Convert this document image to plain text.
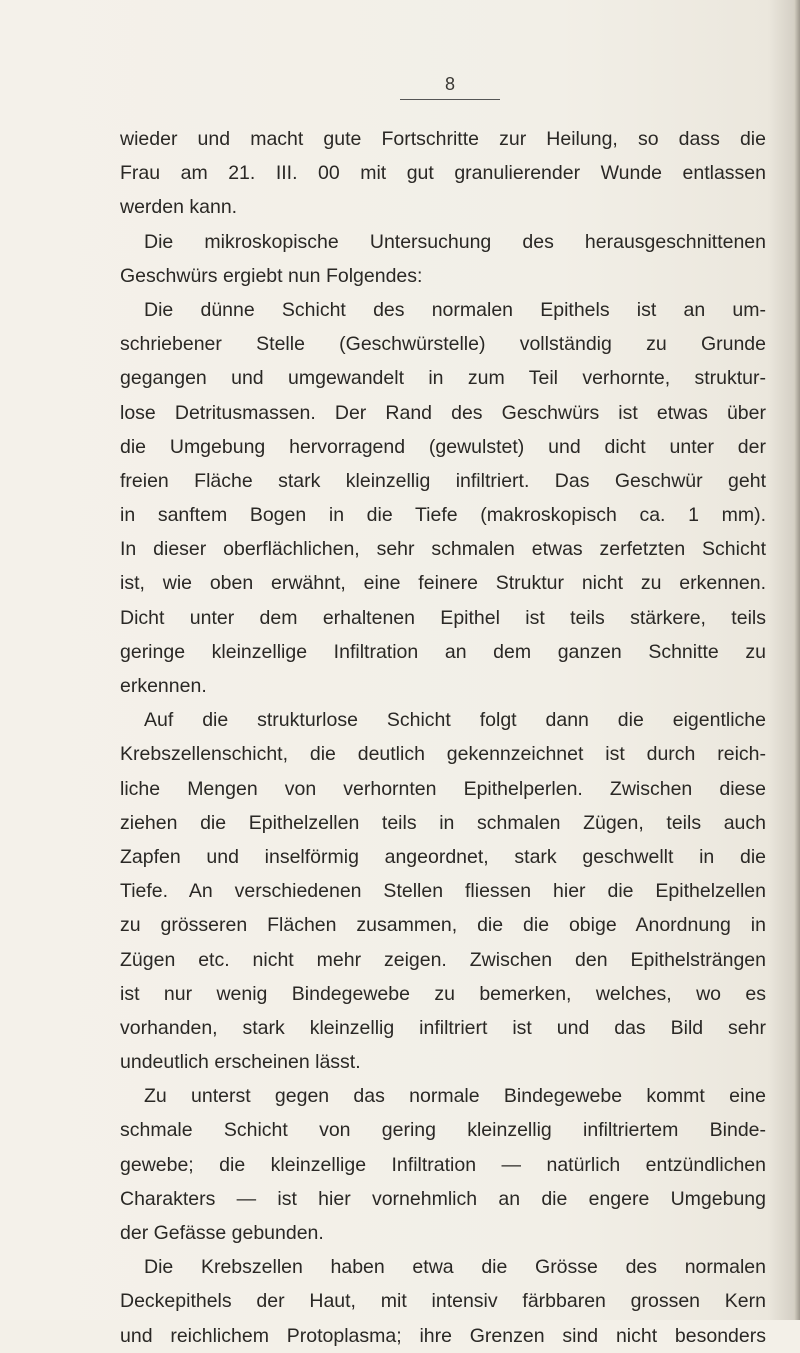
8
wieder und macht gute Fortschritte zur Heilung, so dass die
Frau am 21. III. 00 mit gut granulierender Wunde entlassen
werden kann.
Die mikroskopische Untersuchung des herausgeschnittenen
Geschwürs ergiebt nun Folgendes:
Die dünne Schicht des normalen Epithels ist an um-
schriebener Stelle (Geschwürstelle) vollständig zu Grunde
gegangen und umgewandelt in zum Teil verhornte, struktur-
lose Detritusmassen. Der Rand des Geschwürs ist etwas über
die Umgebung hervorragend (gewulstet) und dicht unter der
freien Fläche stark kleinzellig infiltriert. Das Geschwür geht
in sanftem Bogen in die Tiefe (makroskopisch ca. 1 mm).
In dieser oberflächlichen, sehr schmalen etwas zerfetzten Schicht
ist, wie oben erwähnt, eine feinere Struktur nicht zu erkennen.
Dicht unter dem erhaltenen Epithel ist teils stärkere, teils
geringe kleinzellige Infiltration an dem ganzen Schnitte zu
erkennen.
Auf die strukturlose Schicht folgt dann die eigentliche
Krebszellenschicht, die deutlich gekennzeichnet ist durch reich-
liche Mengen von verhornten Epithelperlen. Zwischen diese
ziehen die Epithelzellen teils in schmalen Zügen, teils auch
Zapfen und inselförmig angeordnet, stark geschwellt in die
Tiefe. An verschiedenen Stellen fliessen hier die Epithelzellen
zu grösseren Flächen zusammen, die die obige Anordnung in
Zügen etc. nicht mehr zeigen. Zwischen den Epithelsträngen
ist nur wenig Bindegewebe zu bemerken, welches, wo es
vorhanden, stark kleinzellig infiltriert ist und das Bild sehr
undeutlich erscheinen lässt.
Zu unterst gegen das normale Bindegewebe kommt eine
schmale Schicht von gering kleinzellig infiltriertem Binde-
gewebe; die kleinzellige Infiltration — natürlich entzündlichen
Charakters — ist hier vornehmlich an die engere Umgebung
der Gefässe gebunden.
Die Krebszellen haben etwa die Grösse des normalen
Deckepithels der Haut, mit intensiv färbbaren grossen Kern
und reichlichem Protoplasma; ihre Grenzen sind nicht besonders
